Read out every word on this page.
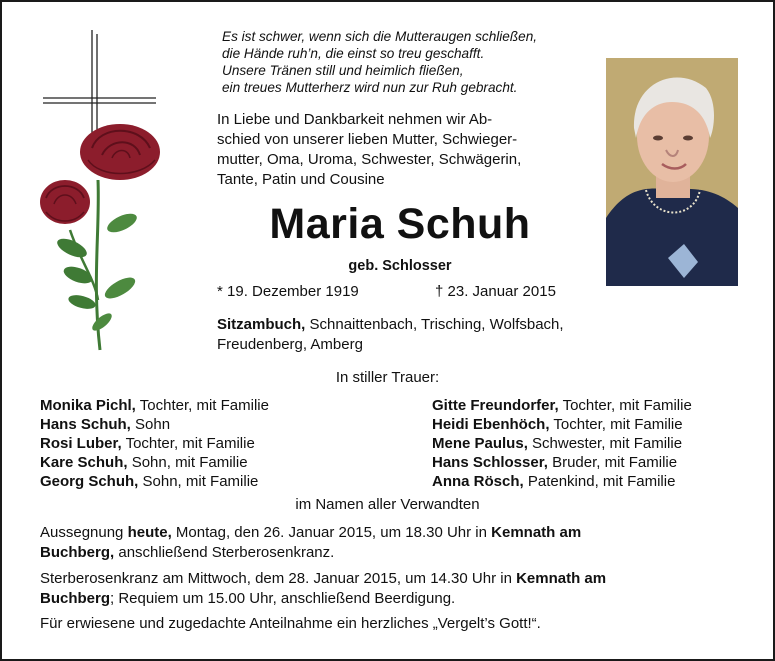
Es ist schwer, wenn sich die Mutteraugen schließen,
die Hände ruh’n, die einst so treu geschafft.
Unsere Tränen still und heimlich fließen,
ein treues Mutterherz wird nun zur Ruh gebracht.
In Liebe und Dankbarkeit nehmen wir Ab-
schied von unserer lieben Mutter, Schwieger-
mutter, Oma, Uroma, Schwester, Schwägerin,
Tante, Patin und Cousine
Maria Schuh
geb. Schlosser
* 19. Dezember 1919	† 23. Januar 2015
Sitzambuch, Schnaittenbach, Trisching, Wolfsbach,
Freudenberg, Amberg
In stiller Trauer:
Monika Pichl, Tochter, mit Familie
Hans Schuh, Sohn
Rosi Luber, Tochter, mit Familie
Kare Schuh, Sohn, mit Familie
Georg Schuh, Sohn, mit Familie
Gitte Freundorfer, Tochter, mit Familie
Heidi Ebenhöch, Tochter, mit Familie
Mene Paulus, Schwester, mit Familie
Hans Schlosser, Bruder, mit Familie
Anna Rösch, Patenkind, mit Familie
im Namen aller Verwandten
Aussegnung heute, Montag, den 26. Januar 2015, um 18.30 Uhr in Kemnath am
Buchberg, anschließend Sterberosenkranz.
Sterberosenkranz am Mittwoch, dem 28. Januar 2015, um 14.30 Uhr in Kemnath am
Buchberg; Requiem um 15.00 Uhr, anschließend Beerdigung.
Für erwiesene und zugedachte Anteilnahme ein herzliches „Vergelt’s Gott!“.
